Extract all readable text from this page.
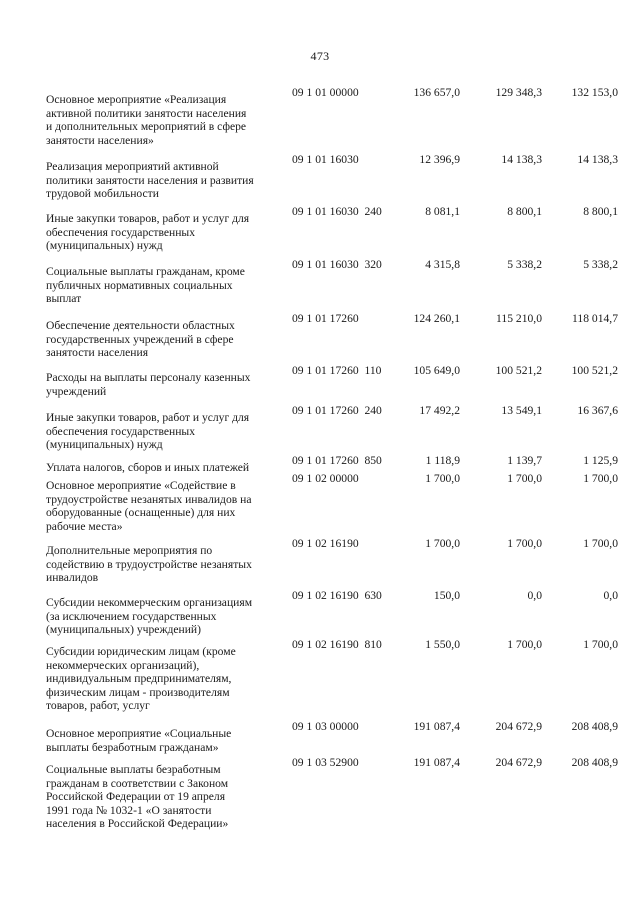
473
Основное мероприятие «Реализация
активной политики занятости населения
и дополнительных мероприятий в сфере
занятости населения»
09 1 01 00000	136 657,0	129 348,3	132 153,0
Реализация мероприятий активной
политики занятости населения и развития
трудовой мобильности
09 1 01 16030	12 396,9	14 138,3	14 138,3
Иные закупки товаров, работ и услуг для
обеспечения государственных
(муниципальных) нужд
09 1 01 16030  240	8 081,1	8 800,1	8 800,1
Социальные выплаты гражданам, кроме
публичных нормативных социальных
выплат
09 1 01 16030  320	4 315,8	5 338,2	5 338,2
Обеспечение деятельности областных
государственных учреждений в сфере
занятости населения
09 1 01 17260	124 260,1	115 210,0	118 014,7
Расходы на выплаты персоналу казенных
учреждений
09 1 01 17260  110	105 649,0	100 521,2	100 521,2
Иные закупки товаров, работ и услуг для
обеспечения государственных
(муниципальных) нужд
09 1 01 17260  240	17 492,2	13 549,1	16 367,6
Уплата налогов, сборов и иных платежей
09 1 01 17260  850	1 118,9	1 139,7	1 125,9
Основное мероприятие «Содействие в
трудоустройстве незанятых инвалидов на
оборудованные (оснащенные) для них
рабочие места»
09 1 02 00000	1 700,0	1 700,0	1 700,0
Дополнительные мероприятия по
содействию в трудоустройстве незанятых
инвалидов
09 1 02 16190	1 700,0	1 700,0	1 700,0
Субсидии некоммерческим организациям
(за исключением государственных
(муниципальных) учреждений)
09 1 02 16190  630	150,0	0,0	0,0
Субсидии юридическим лицам (кроме
некоммерческих организаций),
индивидуальным предпринимателям,
физическим лицам - производителям
товаров, работ, услуг
09 1 02 16190  810	1 550,0	1 700,0	1 700,0
Основное мероприятие «Социальные
выплаты безработным гражданам»
09 1 03 00000	191 087,4	204 672,9	208 408,9
Социальные выплаты безработным
гражданам в соответствии с Законом
Российской Федерации от 19 апреля
1991 года № 1032-1 «О занятости
населения в Российской Федерации»
09 1 03 52900	191 087,4	204 672,9	208 408,9
